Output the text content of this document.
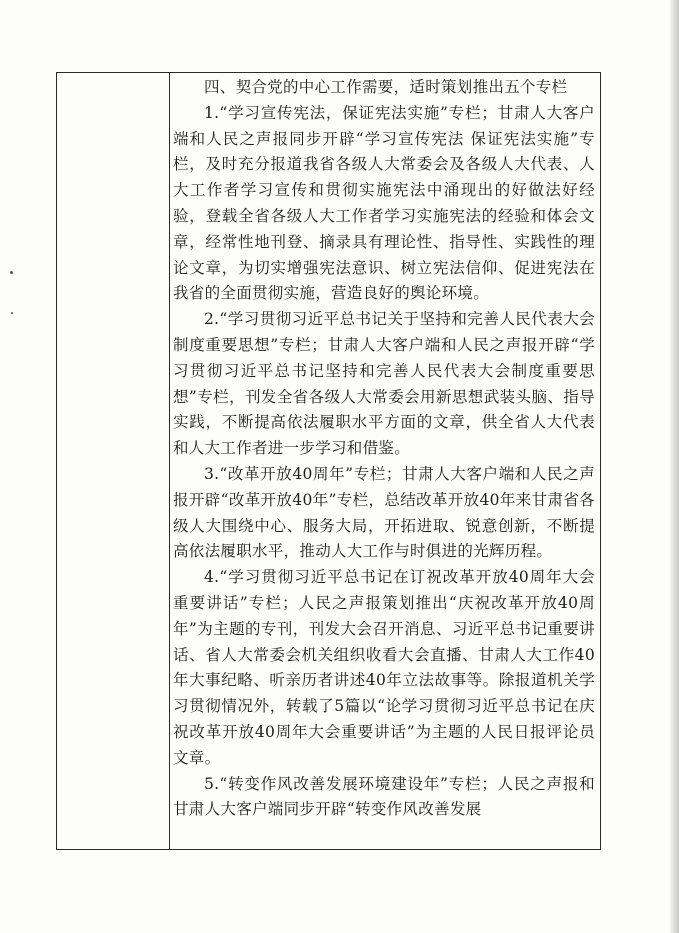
四、契合党的中心工作需要，适时策划推出五个专栏

1.“学习宣传宪法，保证宪法实施”专栏；甘肃人大客户端和人民之声报同步开辟“学习宣传宪法 保证宪法实施”专栏，及时充分报道我省各级人大常委会及各级人大代表、人大工作者学习宣传和贯彻实施宪法中涌现出的好做法好经验，登载全省各级人大工作者学习实施宪法的经验和体会文章，经常性地刊登、摘录具有理论性、指导性、实践性的理论文章，为切实增强宪法意识、树立宪法信仰、促进宪法在我省的全面贯彻实施，营造良好的舆论环境。

2.“学习贯彻习近平总书记关于坚持和完善人民代表大会制度重要思想”专栏；甘肃人大客户端和人民之声报开辟“学习贯彻习近平总书记坚持和完善人民代表大会制度重要思想”专栏，刊发全省各级人大常委会用新思想武装头脑、指导实践，不断提高依法履职水平方面的文章，供全省人大代表和人大工作者进一步学习和借鉴。

3.“改革开放40周年”专栏；甘肃人大客户端和人民之声报开辟“改革开放40年”专栏，总结改革开放40年来甘肃省各级人大围绕中心、服务大局，开拓进取、锐意创新，不断提高依法履职水平，推动人大工作与时俱进的光辉历程。

4.“学习贯彻习近平总书记在订祝改革开放40周年大会重要讲话”专栏；人民之声报策划推出“庆祝改革开放40周年”为主题的专刊，刊发大会召开消息、习近平总书记重要讲话、省人大常委会机关组织收看大会直播、甘肃人大工作40年大事纪略、听亲历者讲述40年立法故事等。除报道机关学习贯彻情况外，转载了5篇以“论学习贯彻习近平总书记在庆祝改革开放40周年大会重要讲话”为主题的人民日报评论员文章。

5.“转变作风改善发展环境建设年”专栏；人民之声报和甘肃人大客户端同步开辟“转变作风改善发展
